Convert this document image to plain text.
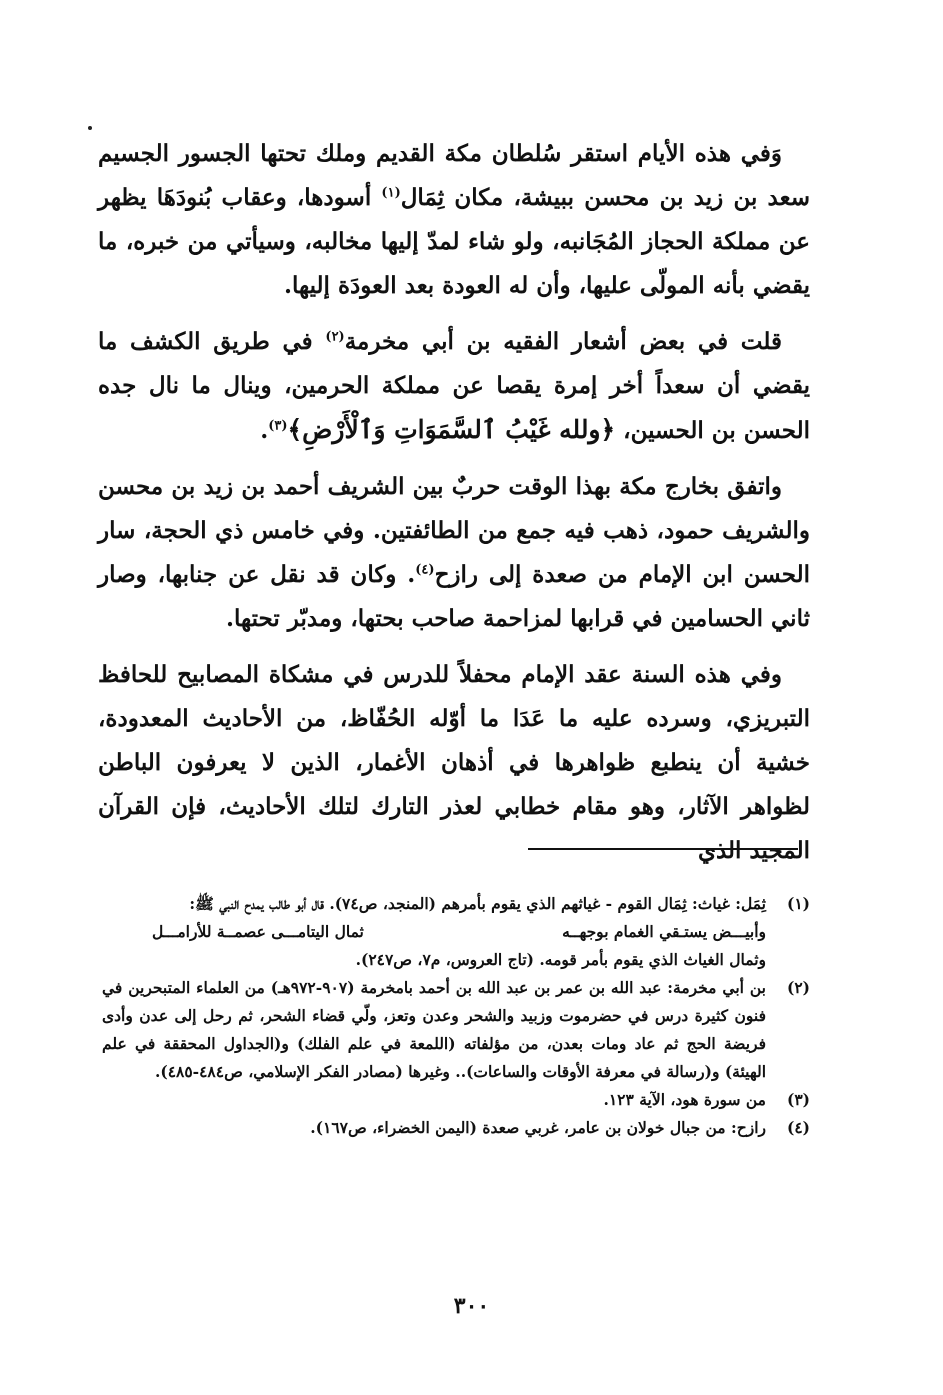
وَفي هذه الأيام استقر سُلطان مكة القديم وملك تحتها الجسور الجسيم سعد بن زيد بن محسن ببيشة، مكان ثِمَال$^{(١)}$ أسودها، وعقاب بُنودَهَا يظهر عن مملكة الحجاز المُجَانبه، ولو شاء لمدّ إليها مخالبه، وسيأتي من خبره، ما يقضي بأنه المولّى عليها، وأن له العودة بعد العودَة إليها.

قلت في بعض أشعار الفقيه بن أبي مخرمة$^{(٢)}$ في طريق الكشف ما يقضي أن سعداً أخر إمرة يقصا عن مملكة الحرمين، وينال ما نال جده الحسن بن الحسين، ﴿ولله غَيْبُ ٱلسَّمَوَاتِ وَٱلْأَرْضِ﴾$^{(٣)}$.

واتفق بخارج مكة بهذا الوقت حربٌ بين الشريف أحمد بن زيد بن محسن والشريف حمود، ذهب فيه جمع من الطائفتين. وفي خامس ذي الحجة، سار الحسن ابن الإمام من صعدة إلى رازح$^{(٤)}$. وكان قد نقل عن جنابها، وصار ثاني الحسامين في قرابها لمزاحمة صاحب بحتها، ومدبّر تحتها.

وفي هذه السنة عقد الإمام محفلاً للدرس في مشكاة المصابيح للحافظ التبريزي، وسرده عليه ما عَدَا ما أوّله الحُفّاظ، من الأحاديث المعدودة، خشية أن ينطبع ظواهرها في أذهان الأغمار، الذين لا يعرفون الباطن لظواهر الآثار، وهو مقام خطابي لعذر التارك لتلك الأحاديث، فإن القرآن المجيد الذي

(١)
ثِمَل: غياث: ثِمَال القوم - غياثهم الذي يقوم بأمرهم (المنجد، ص٧٤). قال أبو طالب يمدح النبي ﷺ:
وأبيـــض يستـقي الغمام بوجهــه
ثمال اليتامـــى عصمــة للأرامـــل
وثمال الغياث الذي يقوم بأمر قومه. (تاج العروس، م٧، ص٢٤٧).
(٢)
بن أبي مخرمة: عبد الله بن عمر بن عبد الله بن أحمد بامخرمة (٩٠٧-٩٧٢هـ) من العلماء المتبحرين في فنون كثيرة درس في حضرموت وزبيد والشحر وعدن وتعز، ولّي قضاء الشحر، ثم رحل إلى عدن وأدى فريضة الحج ثم عاد ومات بعدن، من مؤلفاته (اللمعة في علم الفلك) و(الجداول المحققة في علم الهيئة) و(رسالة في معرفة الأوقات والساعات).. وغيرها (مصادر الفكر الإسلامي، ص٤٨٤-٤٨٥).
(٣)
من سورة هود، الآية ١٢٣.
(٤)
رازح: من جبال خولان بن عامر، غربي صعدة (اليمن الخضراء، ص١٦٧).
٣٠٠
